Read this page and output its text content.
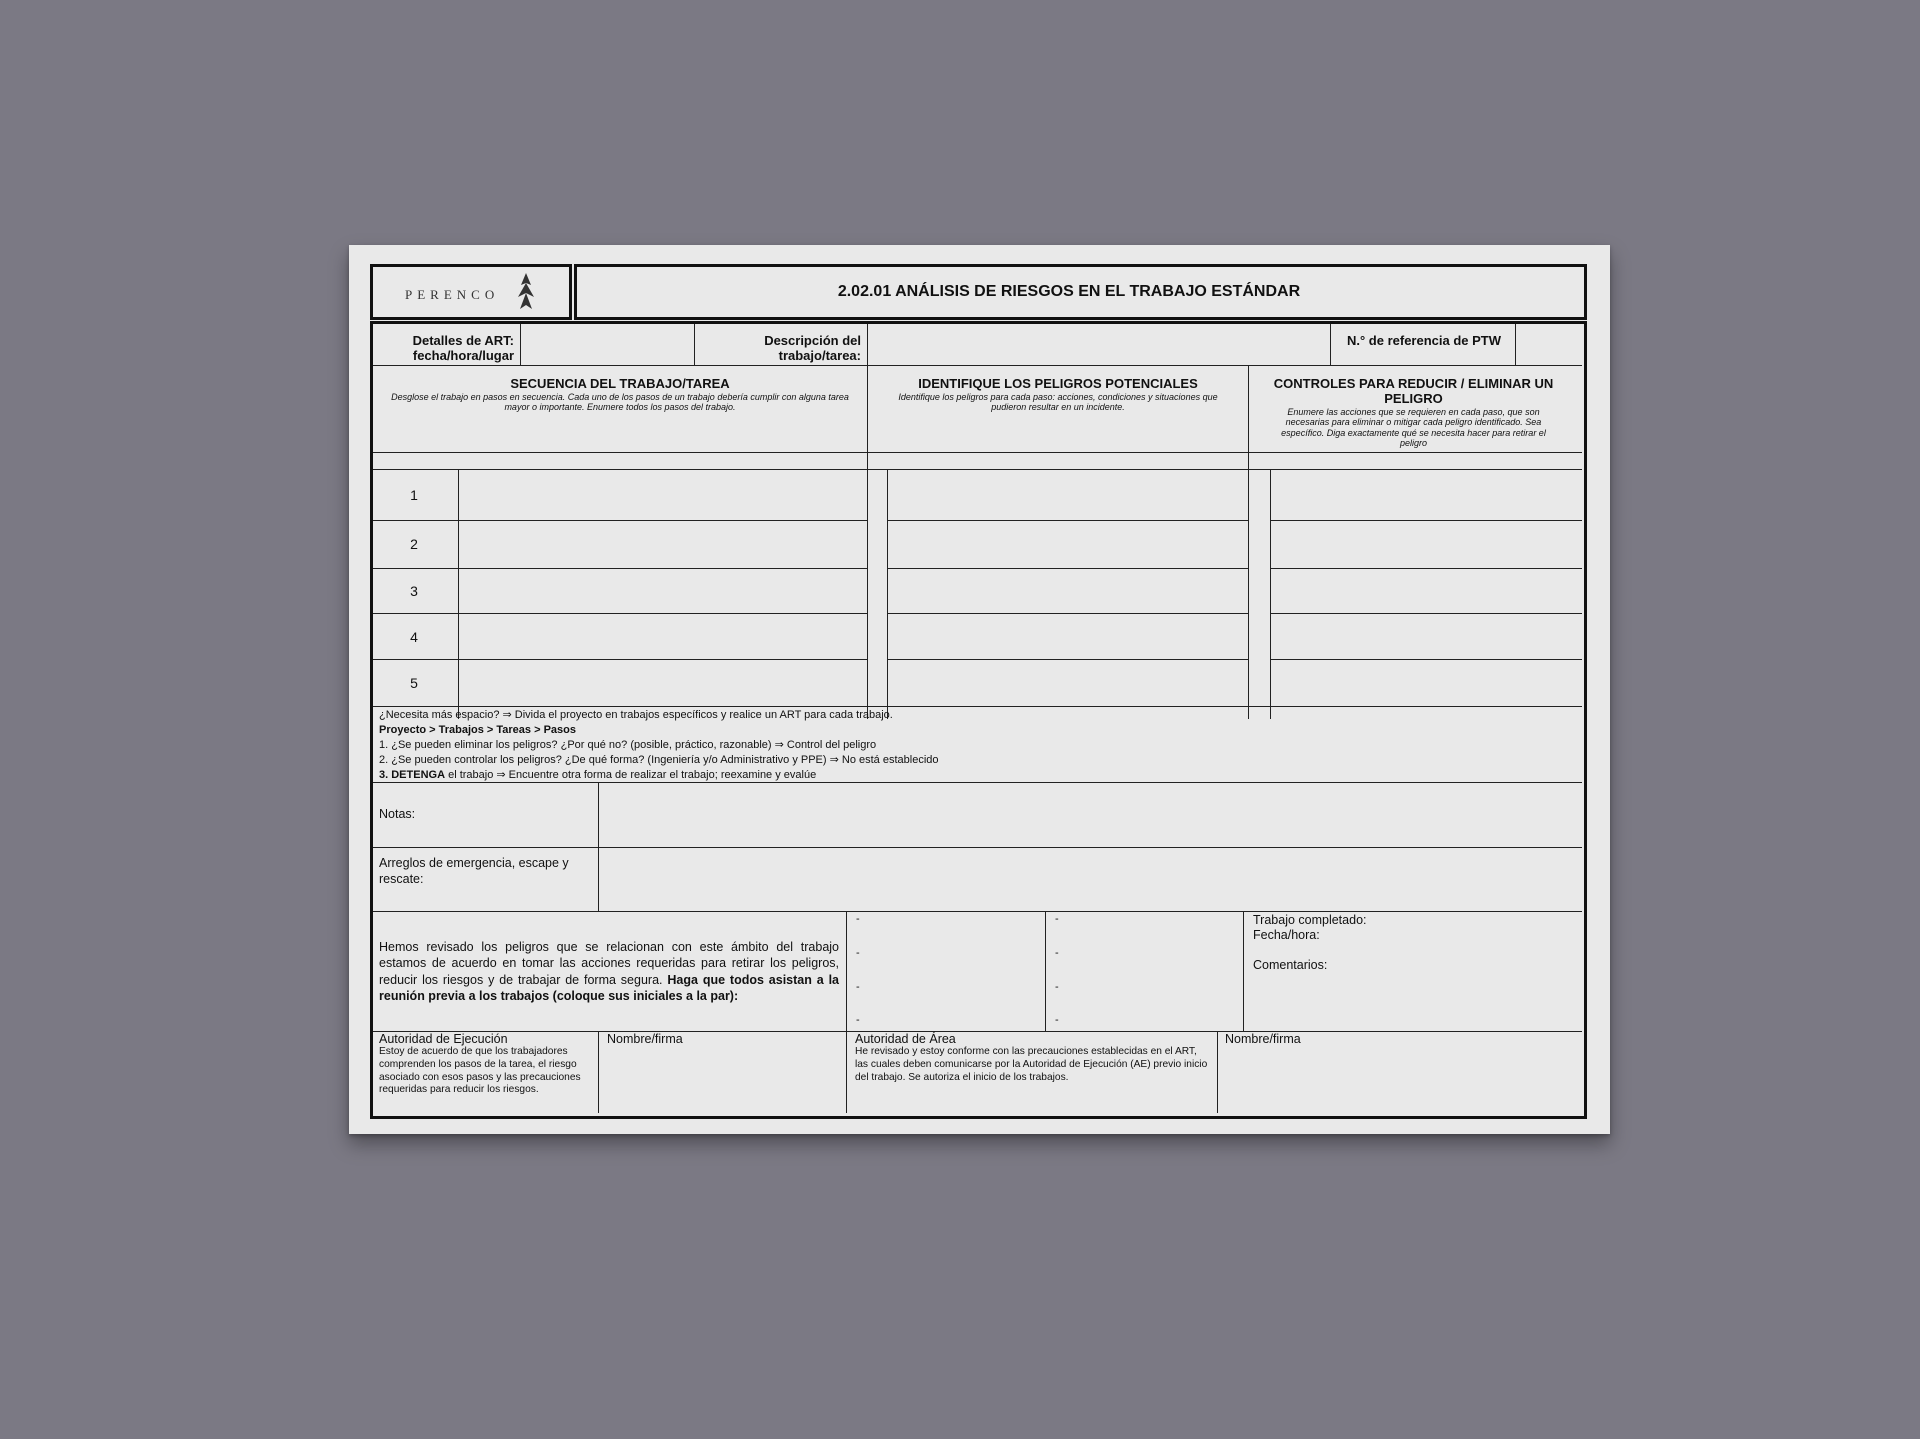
PERENCO	2.02.01 ANÁLISIS DE RIESGOS EN EL TRABAJO ESTÁNDAR
Detalles de ART:
fecha/hora/lugar
Descripción del
trabajo/tarea:
N.° de referencia de PTW
SECUENCIA DEL TRABAJO/TAREA
Desglose el trabajo en pasos en secuencia. Cada uno de los pasos de un trabajo debería cumplir con alguna tarea mayor o importante. Enumere todos los pasos del trabajo.
IDENTIFIQUE LOS PELIGROS POTENCIALES
Identifique los peligros para cada paso: acciones, condiciones y situaciones que pudieron resultar en un incidente.
CONTROLES PARA REDUCIR / ELIMINAR UN PELIGRO
Enumere las acciones que se requieren en cada paso, que son necesarias para eliminar o mitigar cada peligro identificado. Sea específico. Diga exactamente qué se necesita hacer para retirar el peligro
1
2
3
4
5
¿Necesita más espacio? ⇒ Divida el proyecto en trabajos específicos y realice un ART para cada trabajo.
Proyecto > Trabajos > Tareas > Pasos
1. ¿Se pueden eliminar los peligros? ¿Por qué no? (posible, práctico, razonable) ⇒ Control del peligro
2. ¿Se pueden controlar los peligros? ¿De qué forma? (Ingeniería y/o Administrativo y PPE) ⇒ No está establecido
3. DETENGA el trabajo ⇒ Encuentre otra forma de realizar el trabajo; reexamine y evalúe
Notas:
Arreglos de emergencia, escape y rescate:
Hemos revisado los peligros que se relacionan con este ámbito del trabajo estamos de acuerdo en tomar las acciones requeridas para retirar los peligros, reducir los riesgos y de trabajar de forma segura. Haga que todos asistan a la reunión previa a los trabajos (coloque sus iniciales a la par):
-
-
-
-
-
-
-
-
Trabajo completado:
Fecha/hora:
Comentarios:
Autoridad de Ejecución
Estoy de acuerdo de que los trabajadores comprenden los pasos de la tarea, el riesgo asociado con esos pasos y las precauciones requeridas para reducir los riesgos.
Nombre/firma	Autoridad de Área
He revisado y estoy conforme con las precauciones establecidas en el ART, las cuales deben comunicarse por la Autoridad de Ejecución (AE) previo inicio del trabajo. Se autoriza el inicio de los trabajos.
Nombre/firma
